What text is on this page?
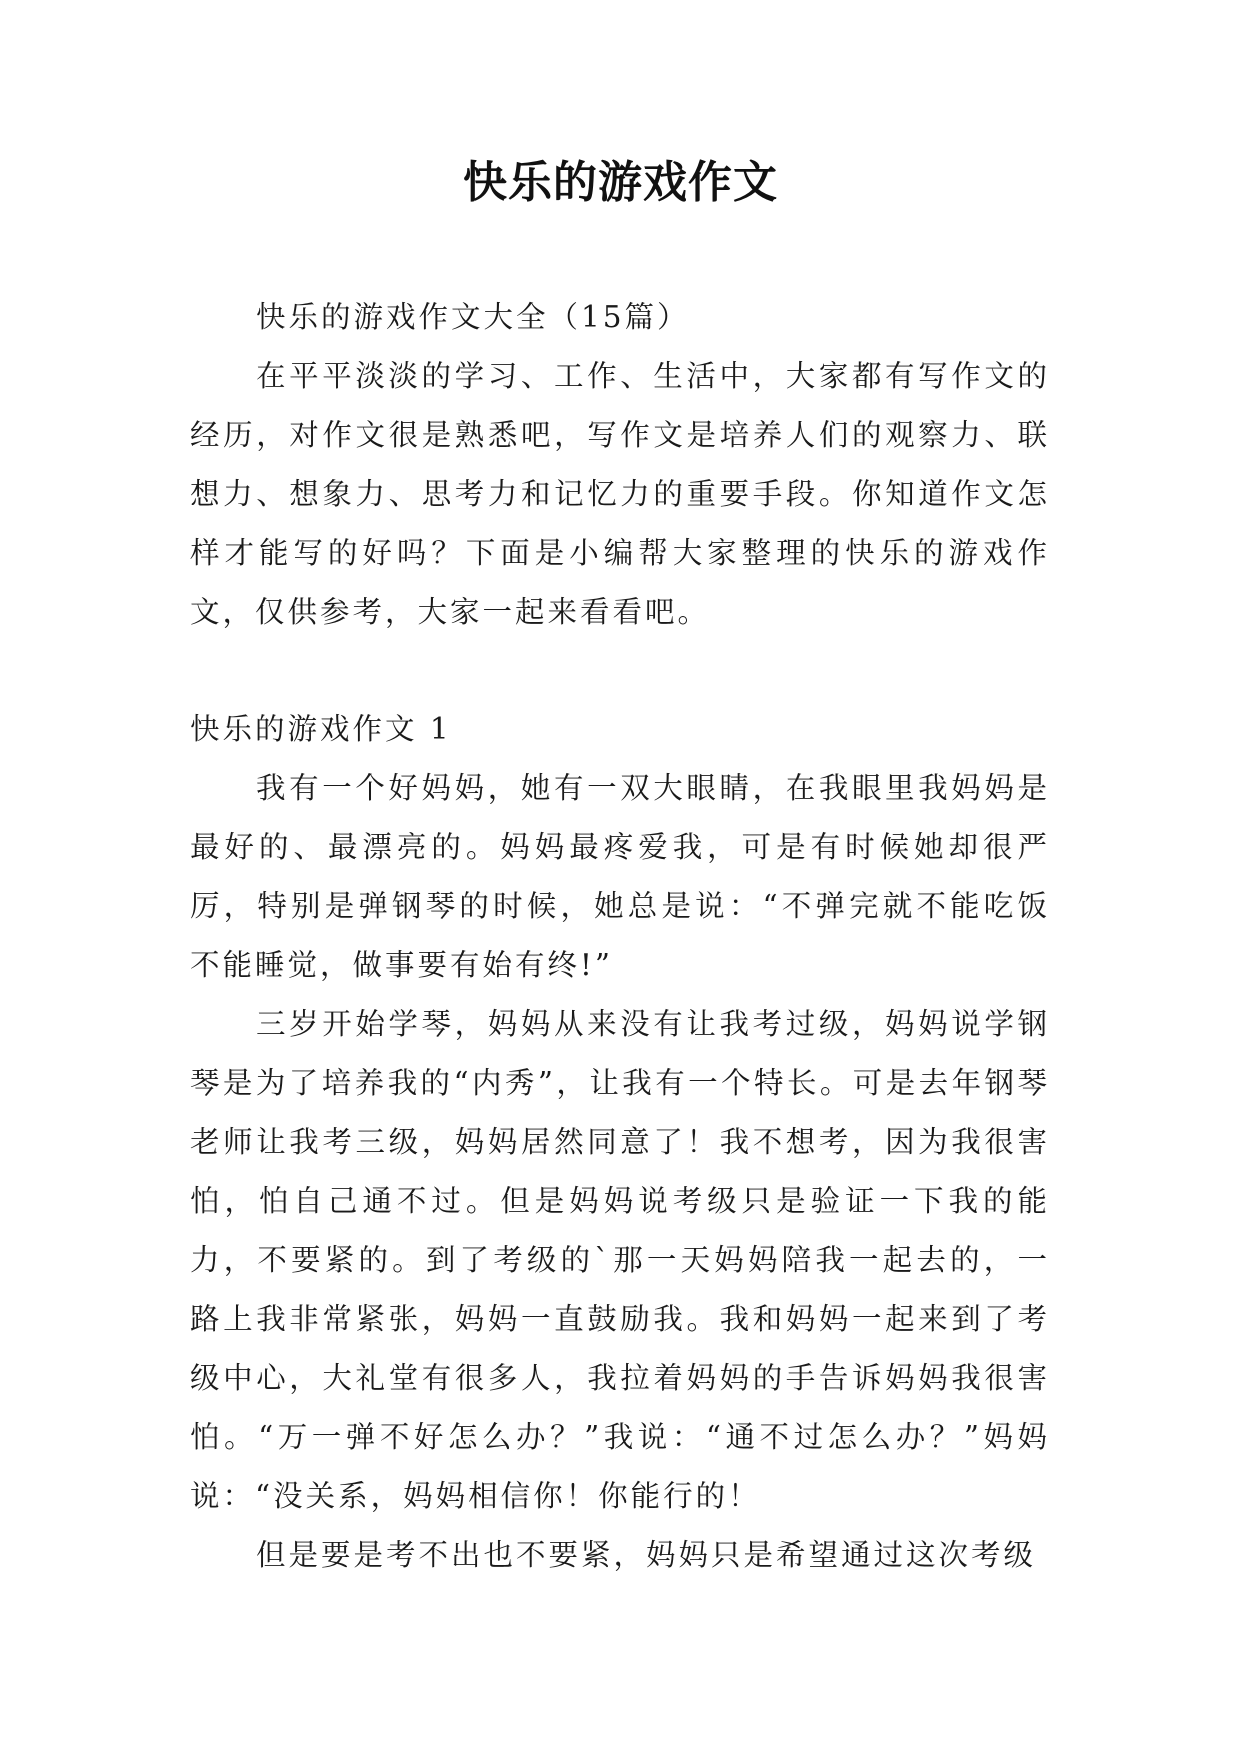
快乐的游戏作文

快乐的游戏作文大全（15篇）

在平平淡淡的学习、工作、生活中，大家都有写作文的经历，对作文很是熟悉吧，写作文是培养人们的观察力、联想力、想象力、思考力和记忆力的重要手段。你知道作文怎样才能写的好吗？下面是小编帮大家整理的快乐的游戏作文，仅供参考，大家一起来看看吧。

快乐的游戏作文 1

我有一个好妈妈，她有一双大眼睛，在我眼里我妈妈是最好的、最漂亮的。妈妈最疼爱我，可是有时候她却很严厉，特别是弹钢琴的时候，她总是说：“不弹完就不能吃饭不能睡觉，做事要有始有终!”

三岁开始学琴，妈妈从来没有让我考过级，妈妈说学钢琴是为了培养我的“内秀”，让我有一个特长。可是去年钢琴老师让我考三级，妈妈居然同意了！我不想考，因为我很害怕，怕自己通不过。但是妈妈说考级只是验证一下我的能力，不要紧的。到了考级的`那一天妈妈陪我一起去的，一路上我非常紧张，妈妈一直鼓励我。我和妈妈一起来到了考级中心，大礼堂有很多人，我拉着妈妈的手告诉妈妈我很害怕。“万一弹不好怎么办？”我说：“通不过怎么办？”妈妈说：“没关系，妈妈相信你！你能行的！

但是要是考不出也不要紧，妈妈只是希望通过这次考级
